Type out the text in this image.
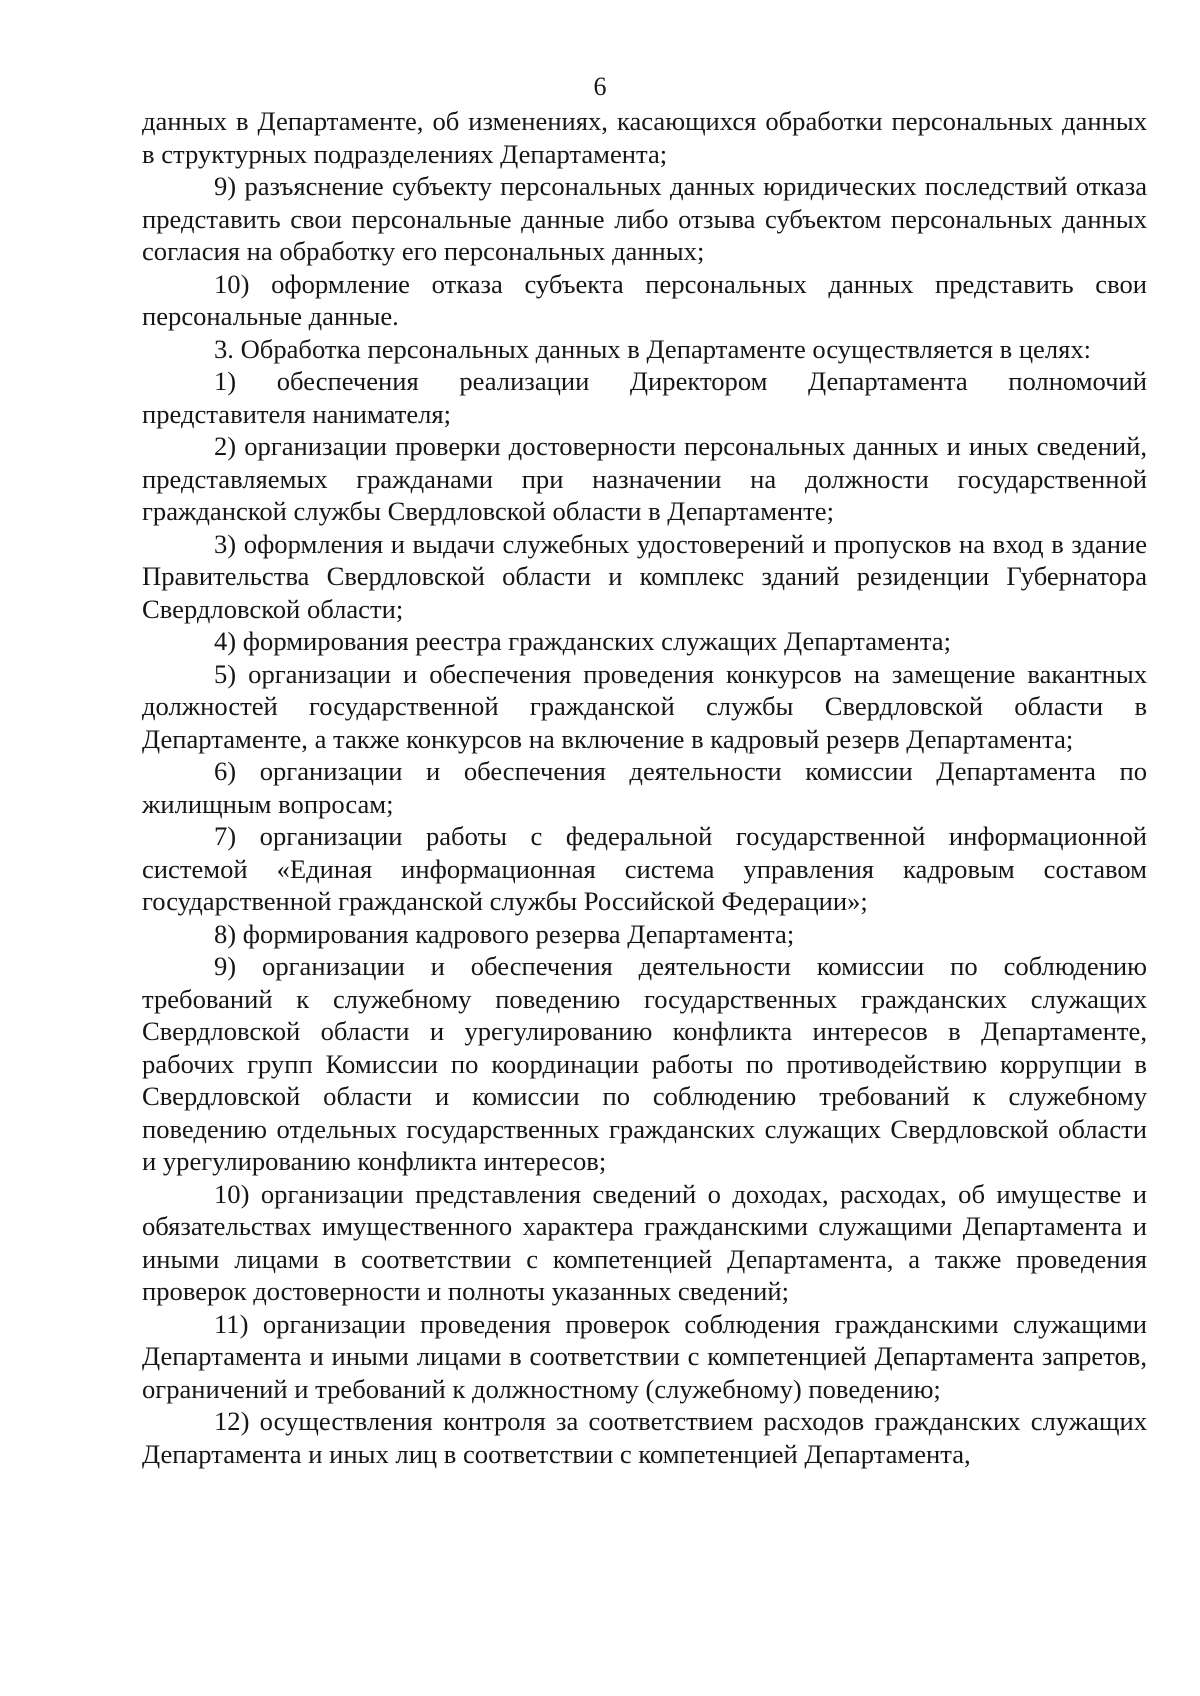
6

данных в Департаменте, об изменениях, касающихся обработки персональных данных в структурных подразделениях Департамента;

9) разъяснение субъекту персональных данных юридических последствий отказа представить свои персональные данные либо отзыва субъектом персональных данных согласия на обработку его персональных данных;

10) оформление отказа субъекта персональных данных представить свои персональные данные.

3. Обработка персональных данных в Департаменте осуществляется в целях:

1) обеспечения реализации Директором Департамента полномочий представителя нанимателя;

2) организации проверки достоверности персональных данных и иных сведений, представляемых гражданами при назначении на должности государственной гражданской службы Свердловской области в Департаменте;

3) оформления и выдачи служебных удостоверений и пропусков на вход в здание Правительства Свердловской области и комплекс зданий резиденции Губернатора Свердловской области;

4) формирования реестра гражданских служащих Департамента;

5) организации и обеспечения проведения конкурсов на замещение вакантных должностей государственной гражданской службы Свердловской области в Департаменте, а также конкурсов на включение в кадровый резерв Департамента;

6) организации и обеспечения деятельности комиссии Департамента по жилищным вопросам;

7) организации работы с федеральной государственной информационной системой «Единая информационная система управления кадровым составом государственной гражданской службы Российской Федерации»;

8) формирования кадрового резерва Департамента;

9) организации и обеспечения деятельности комиссии по соблюдению требований к служебному поведению государственных гражданских служащих Свердловской области и урегулированию конфликта интересов в Департаменте, рабочих групп Комиссии по координации работы по противодействию коррупции в Свердловской области и комиссии по соблюдению требований к служебному поведению отдельных государственных гражданских служащих Свердловской области и урегулированию конфликта интересов;

10) организации представления сведений о доходах, расходах, об имуществе и обязательствах имущественного характера гражданскими служащими Департамента и иными лицами в соответствии с компетенцией Департамента, а также проведения проверок достоверности и полноты указанных сведений;

11) организации проведения проверок соблюдения гражданскими служащими Департамента и иными лицами в соответствии с компетенцией Департамента запретов, ограничений и требований к должностному (служебному) поведению;

12) осуществления контроля за соответствием расходов гражданских служащих Департамента и иных лиц в соответствии с компетенцией Департамента,
